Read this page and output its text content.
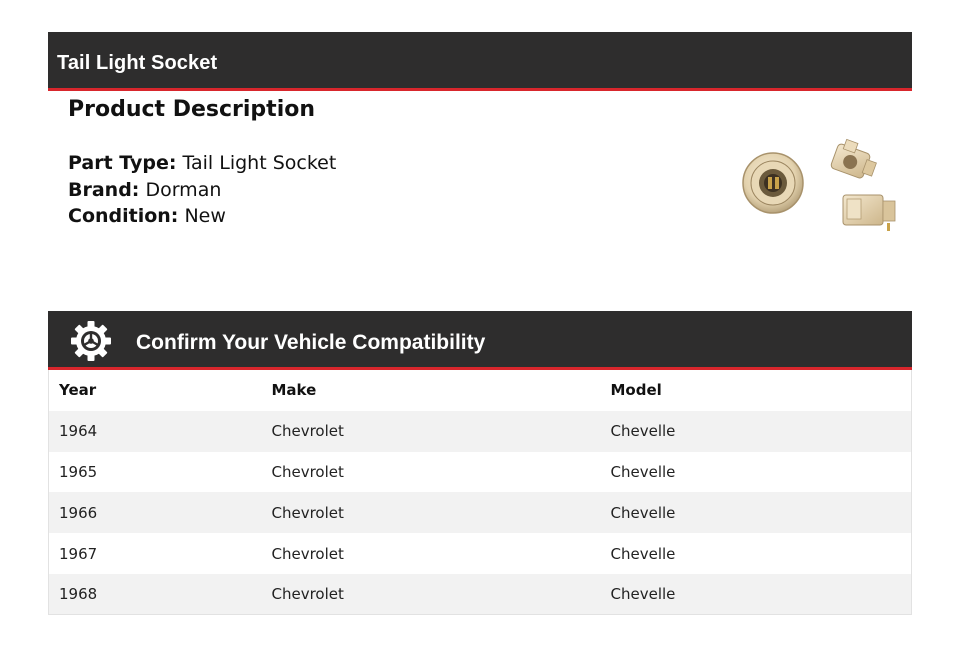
Tail Light Socket
Product Description
Part Type: Tail Light Socket
Brand: Dorman
Condition: New
Confirm Your Vehicle Compatibility
Year	Make	Model
1964	Chevrolet	Chevelle
1965	Chevrolet	Chevelle
1966	Chevrolet	Chevelle
1967	Chevrolet	Chevelle
1968	Chevrolet	Chevelle
